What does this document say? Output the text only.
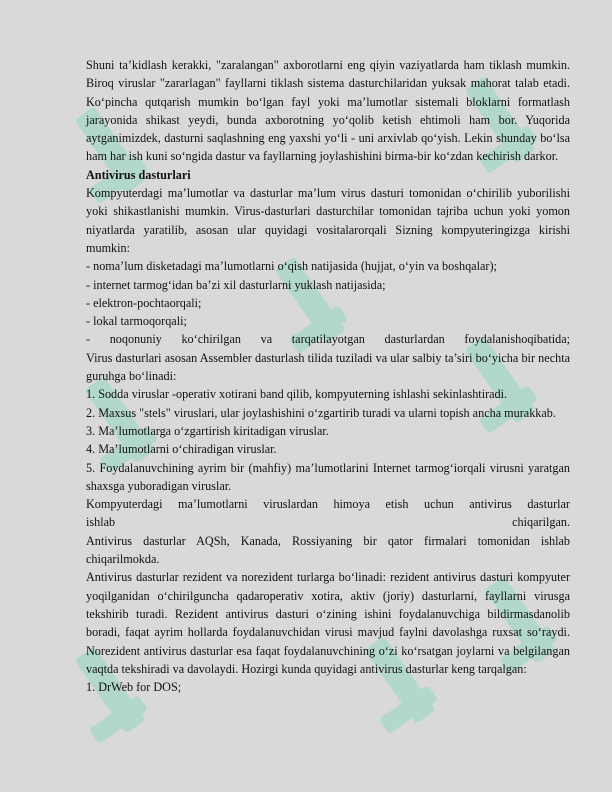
Shuni ta’kidlash kerakki, "zaralangan" axborotlarni eng qiyin vaziyatlarda ham tiklash mumkin. Biroq viruslar "zararlagan" fayllarni tiklash sistema dasturchilaridan yuksak mahorat talab etadi. Ko‘pincha qutqarish mumkin bo‘lgan fayl yoki ma’lumotlar sistemali bloklarni formatlash jarayonida shikast yeydi, bunda axborotning yo‘qolib ketish ehtimoli ham bor. Yuqorida aytganimizdek, dasturni saqlashning eng yaxshi yo‘li - uni arxivlab qo‘yish. Lekin shunday bo‘lsa ham har ish kuni so‘ngida dastur va fayllarning joylashishini birma-bir ko‘zdan kechirish darkor.

Antivirus dasturlari

Kompyuterdagi ma’lumotlar va dasturlar ma’lum virus dasturi tomonidan o‘chirilib yuborilishi yoki shikastlanishi mumkin. Virus-dasturlari dasturchilar tomonidan tajriba uchun yoki yomon niyatlarda yaratilib, asosan ular quyidagi vositalarorqali Sizning kompyuteringizga kirishi mumkin:

- noma’lum disketadagi ma’lumotlarni o‘qish natijasida (hujjat, o‘yin va boshqalar);

- internet tarmog‘idan ba’zi xil dasturlarni yuklash natijasida;

- elektron-pochtaorqali;

- lokal tarmoqorqali;

- noqonuniy ko‘chirilgan va tarqatilayotgan dasturlardan foydalanishoqibatida;

Virus dasturlari asosan Assembler dasturlash tilida tuziladi va ular salbiy ta’siri bo‘yicha bir nechta guruhga bo‘linadi:

1. Sodda viruslar -operativ xotirani band qilib, kompyuterning ishlashi sekinlashtiradi.

2. Maxsus "stels" viruslari, ular joylashishini o‘zgartirib turadi va ularni topish ancha murakkab.

3. Ma’lumotlarga o‘zgartirish kiritadigan viruslar.

4. Ma’lumotlarni o‘chiradigan viruslar.

5. Foydalanuvchining ayrim bir (mahfiy) ma’lumotlarini Internet tarmog‘iorqali virusni yaratgan shaxsga yuboradigan viruslar.

Kompyuterdagi ma’lumotlarni viruslardan himoya etish uchun antivirus dasturlar

ishlab	chiqarilgan.

Antivirus dasturlar AQSh, Kanada, Rossiyaning bir qator firmalari tomonidan ishlab chiqarilmokda.

Antivirus dasturlar rezident va norezident turlarga bo‘linadi: rezident antivirus dasturi kompyuter yoqilganidan o‘chirilguncha qadaroperativ xotira, aktiv (joriy) dasturlarni, fayllarni virusga tekshirib turadi. Rezident antivirus dasturi o‘zining ishini foydalanuvchiga bildirmasdanolib boradi, faqat ayrim hollarda foydalanuvchidan virusi mavjud faylni davolashga ruxsat so‘raydi. Norezident antivirus dasturlar esa faqat foydalanuvchining o‘zi ko‘rsatgan joylarni va belgilangan vaqtda tekshiradi va davolaydi. Hozirgi kunda quyidagi antivirus dasturlar keng tarqalgan:

1. DrWeb for DOS;
